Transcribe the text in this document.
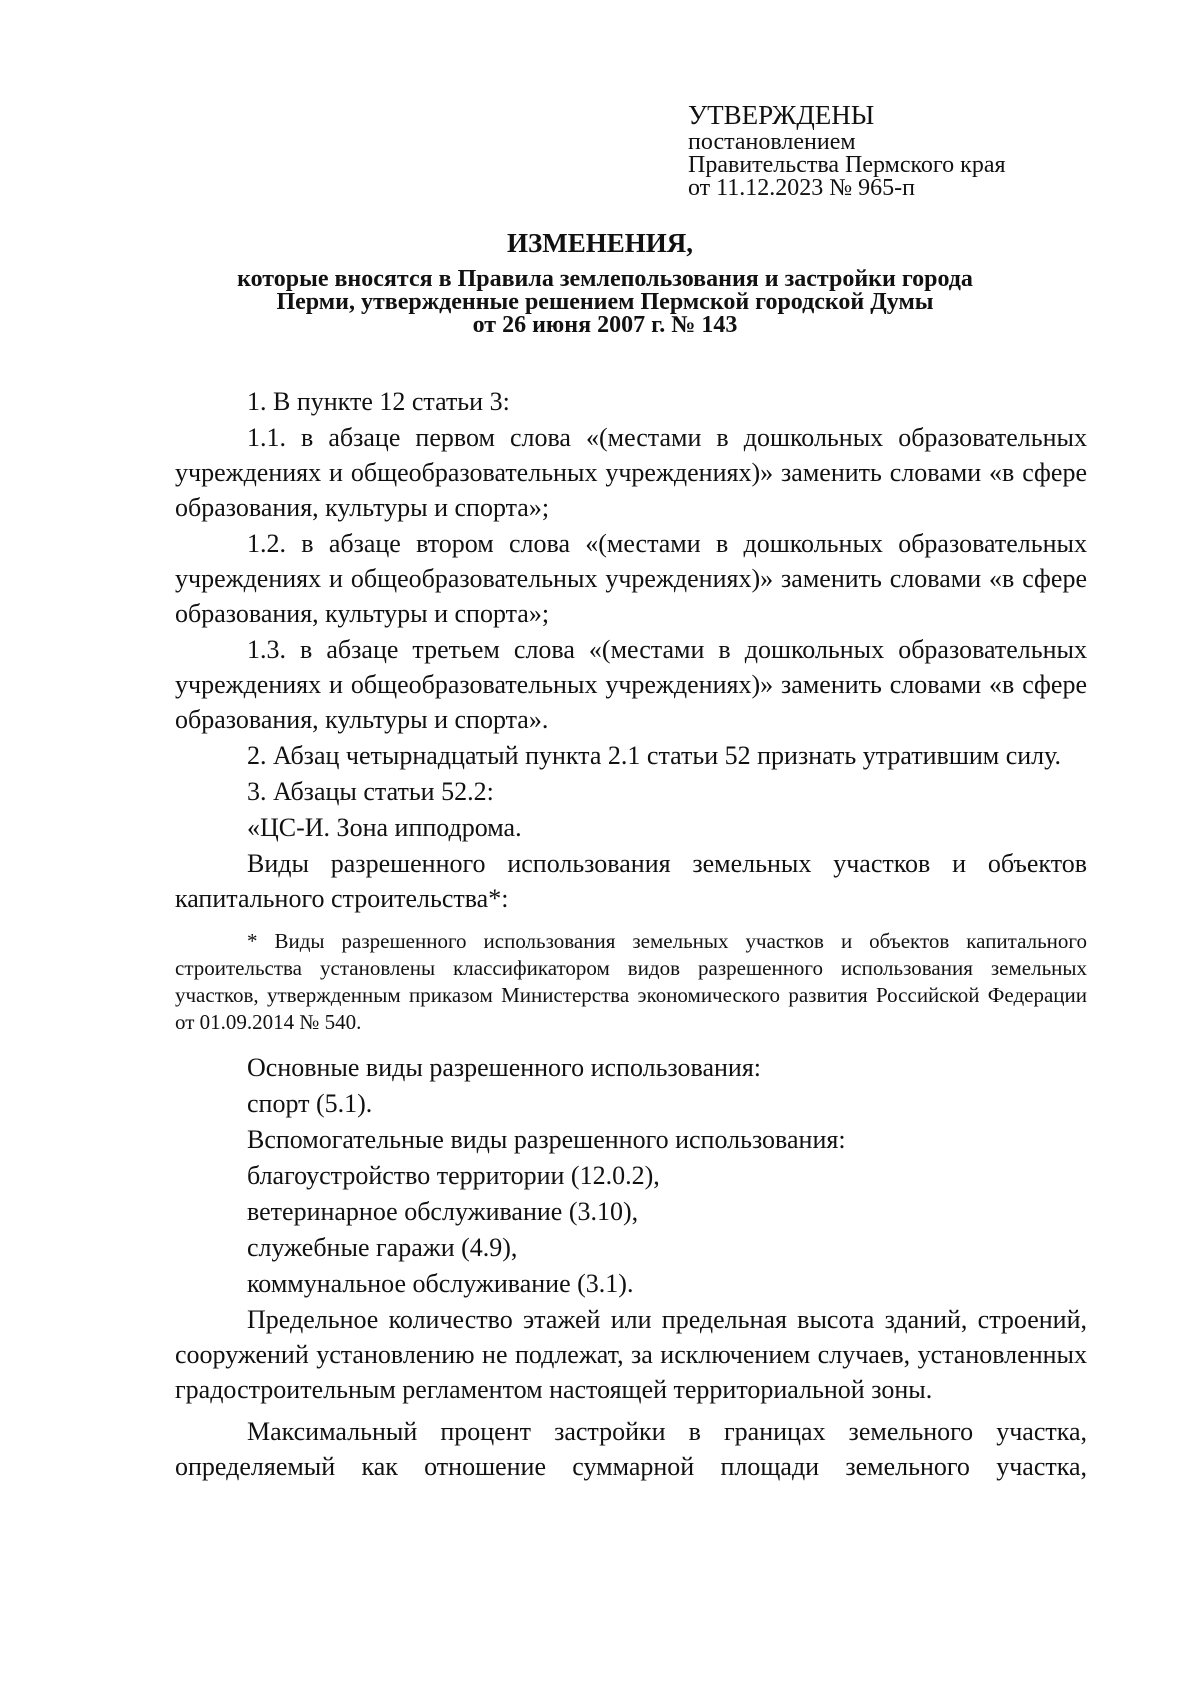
УТВЕРЖДЕНЫ
постановлением
Правительства Пермского края
от 11.12.2023 № 965-п
ИЗМЕНЕНИЯ,
которые вносятся в Правила землепользования и застройки города
Перми, утвержденные решением Пермской городской Думы
от 26 июня 2007 г. № 143

1. В пункте 12 статьи 3:

1.1. в абзаце первом слова «(местами в дошкольных образовательных учреждениях и общеобразовательных учреждениях)» заменить словами «в сфере образования, культуры и спорта»;

1.2. в абзаце втором слова «(местами в дошкольных образовательных учреждениях и общеобразовательных учреждениях)» заменить словами «в сфере образования, культуры и спорта»;

1.3. в абзаце третьем слова «(местами в дошкольных образовательных учреждениях и общеобразовательных учреждениях)» заменить словами «в сфере образования, культуры и спорта».

2. Абзац четырнадцатый пункта 2.1 статьи 52 признать утратившим силу.

3. Абзацы статьи 52.2:

«ЦС-И. Зона ипподрома.

Виды разрешенного использования земельных участков и объектов капитального строительства*:

* Виды разрешенного использования земельных участков и объектов капитального строительства установлены классификатором видов разрешенного использования земельных участков, утвержденным приказом Министерства экономического развития Российской Федерации от 01.09.2014 № 540.

Основные виды разрешенного использования:

спорт (5.1).

Вспомогательные виды разрешенного использования:

благоустройство территории (12.0.2),

ветеринарное обслуживание (3.10),

служебные гаражи (4.9),

коммунальное обслуживание (3.1).

Предельное количество этажей или предельная высота зданий, строений, сооружений установлению не подлежат, за исключением случаев, установленных градостроительным регламентом настоящей территориальной зоны.

Максимальный процент застройки в границах земельного участка, определяемый как отношение суммарной площади земельного участка,
